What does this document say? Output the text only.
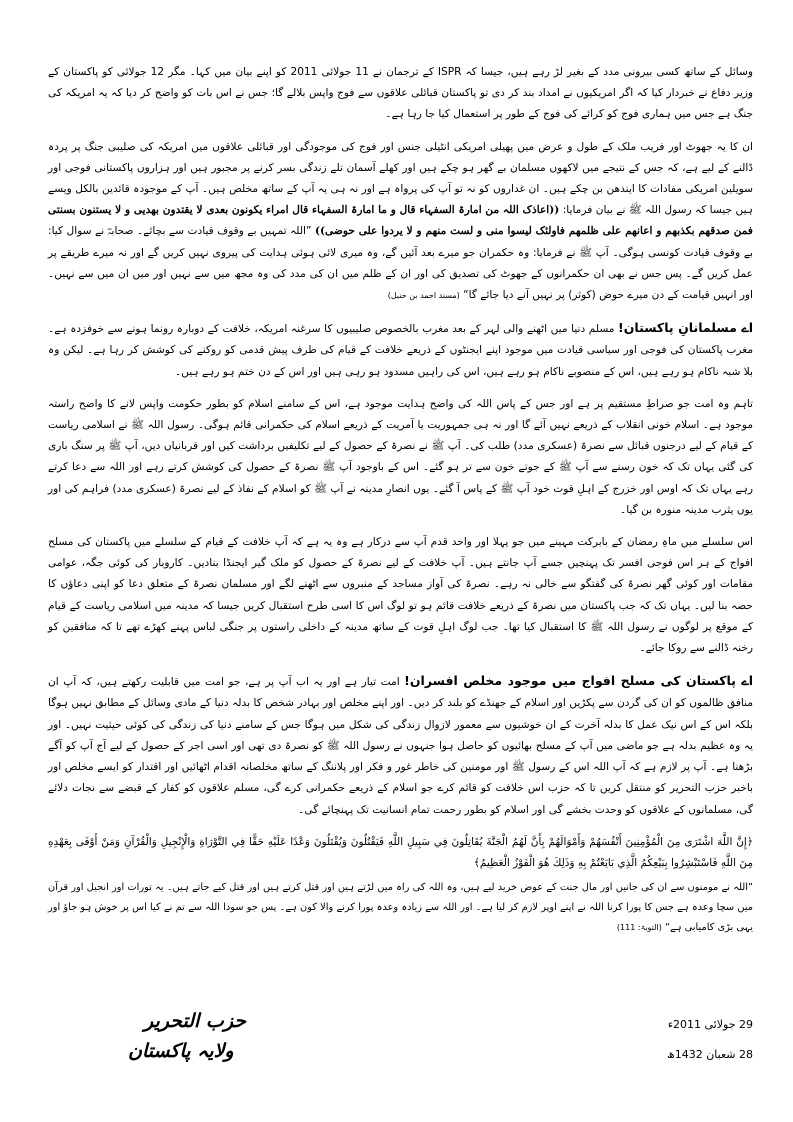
وسائل کے ساتھ کسی بیرونی مدد کے بغیر لڑ رہے ہیں، جیسا کہ ISPR کے ترجمان نے 11 جولائی 2011 کو اپنے بیان میں کہا۔ مگر 12 جولائی کو پاکستان کے وزیر دفاع نے خبردار کیا کہ اگر امریکیوں نے امداد بند کر دی تو پاکستان قبائلی علاقوں سے فوج واپس بلالے گا؛ جس نے اس بات کو واضح کر دیا کہ یہ امریکہ کی جنگ ہے جس میں ہماری فوج کو کرائے کی فوج کے طور پر استعمال کیا جا رہا ہے۔

ان کا یہ جھوٹ اور فریب ملک کے طول و عرض میں پھیلی امریکی انٹیلی جنس اور فوج کی موجودگی اور قبائلی علاقوں میں امریکہ کی صلیبی جنگ پر پردہ ڈالنے کے لیے ہے، کہ جس کے نتیجے میں لاکھوں مسلمان بے گھر ہو چکے ہیں اور کھلے آسمان تلے زندگی بسر کرنے پر مجبور ہیں اور ہزاروں پاکستانی فوجی اور سویلین امریکی مفادات کا ایندھن بن چکے ہیں۔ ان غداروں کو نہ تو آپ کی پرواہ ہے اور نہ ہی یہ آپ کے ساتھ مخلص ہیں۔ آپ کے موجودہ قائدین بالکل ویسے ہیں جیسا کہ رسول اللہ ﷺ نے بیان فرمایا: ((اعاذک اللہ من امارۃ السفہاء قال و ما امارۃ السفہاء قال امراء یکونون بعدی لا یقتدون بھدیی و لا یستنون بسنتی فمن صدقھم بکذبھم و اعانھم علی ظلمھم فاولئک لیسوا منی و لست منھم و لا یردوا علی حوضی)) ”اللہ تمہیں بے وقوف قیادت سے بچائے۔ صحابہؓ نے سوال کیا: بے وقوف قیادت کونسی ہوگی۔ آپ ﷺ نے فرمایا: وہ حکمران جو میرے بعد آئیں گے، وہ میری لائی ہوئی ہدایت کی پیروی نہیں کریں گے اور نہ میرے طریقے پر عمل کریں گے۔ پس جس نے بھی ان حکمرانوں کے جھوٹ کی تصدیق کی اور ان کے ظلم میں ان کی مدد کی وہ مجھ میں سے نہیں اور میں ان میں سے نہیں۔ اور انہیں قیامت کے دن میرے حوض (کوثر) پر نہیں آنے دیا جائے گا“ (مسند احمد بن حنبل)

اے مسلمانانِ پاکستان! مسلم دنیا میں اٹھنے والی لہر کے بعد مغرب بالخصوص صلیبیوں کا سرغنہ امریکہ، خلافت کے دوبارہ رونما ہونے سے خوفزدہ ہے۔ مغرب پاکستان کی فوجی اور سیاسی قیادت میں موجود اپنے ایجنٹوں کے ذریعے خلافت کے قیام کی طرف پیش قدمی کو روکنے کی کوشش کر رہا ہے۔ لیکن وہ بلا شبہ ناکام ہو رہے ہیں، اس کے منصوبے ناکام ہو رہے ہیں، اس کی راہیں مسدود ہو رہی ہیں اور اس کے دن ختم ہو رہے ہیں۔

تاہم وہ امت جو صراطِ مستقیم پر ہے اور جس کے پاس اللہ کی واضح ہدایت موجود ہے، اس کے سامنے اسلام کو بطور حکومت واپس لانے کا واضح راستہ موجود ہے۔ اسلام خونی انقلاب کے ذریعے نہیں آئے گا اور نہ ہی جمہوریت یا آمریت کے ذریعے اسلام کی حکمرانی قائم ہوگی۔ رسول اللہ ﷺ نے اسلامی ریاست کے قیام کے لیے درجنوں قبائل سے نصرۃ (عسکری مدد) طلب کی۔ آپ ﷺ نے نصرۃ کے حصول کے لیے تکلیفیں برداشت کیں اور قربانیاں دیں، آپ ﷺ پر سنگ باری کی گئی یہاں تک کہ خون رسنے سے آپ ﷺ کے جوتے خون سے تر ہو گئے۔ اس کے باوجود آپ ﷺ نصرۃ کے حصول کی کوشش کرتے رہے اور اللہ سے دعا کرتے رہے یہاں تک کہ اوس اور خزرج کے اہلِ قوت خود آپ ﷺ کے پاس آ گئے۔ یوں انصارِ مدینہ نے آپ ﷺ کو اسلام کے نفاذ کے لیے نصرۃ (عسکری مدد) فراہم کی اور یوں یثرب مدینہ منورہ بن گیا۔

اس سلسلے میں ماہِ رمضان کے بابرکت مہینے میں جو پہلا اور واحد قدم آپ سے درکار ہے وہ یہ ہے کہ آپ خلافت کے قیام کے سلسلے میں پاکستان کی مسلح افواج کے ہر اس فوجی افسر تک پہنچیں جسے آپ جانتے ہیں۔ آپ خلافت کے لیے نصرۃ کے حصول کو ملک گیر ایجنڈا بنادیں۔ کاروبار کی کوئی جگہ، عوامی مقامات اور کوئی گھر نصرۃ کی گفتگو سے خالی نہ رہے۔ نصرۃ کی آواز مساجد کے منبروں سے اٹھنے لگے اور مسلمان نصرۃ کے متعلق دعا کو اپنی دعاؤں کا حصہ بنا لیں۔ یہاں تک کہ جب پاکستان میں نصرۃ کے ذریعے خلافت قائم ہو تو لوگ اس کا اسی طرح استقبال کریں جیسا کہ مدینہ میں اسلامی ریاست کے قیام کے موقع پر لوگوں نے رسول اللہ ﷺ کا استقبال کیا تھا۔ جب لوگ اہلِ قوت کے ساتھ مدینہ کے داخلی راستوں پر جنگی لباس پہنے کھڑے تھے تا کہ منافقین کو رخنہ ڈالنے سے روکا جائے۔

اے پاکستان کی مسلح افواج میں موجود مخلص افسران! امت تیار ہے اور یہ اب آپ پر ہے، جو امت میں قابلیت رکھتے ہیں، کہ آپ ان منافق ظالموں کو ان کی گردن سے پکڑیں اور اسلام کے جھنڈے کو بلند کر دیں۔ اور اپنے مخلص اور بہادر شخص کا بدلہ دنیا کے مادی وسائل کے مطابق نہیں ہوگا بلکہ اس کے اس نیک عمل کا بدلہ آخرت کے ان خوشیوں سے معمور لازوال زندگی کی شکل میں ہوگا جس کے سامنے دنیا کی زندگی کی کوئی حیثیت نہیں۔ اور یہ وہ عظیم بدلہ ہے جو ماضی میں آپ کے مسلح بھائیوں کو حاصل ہوا جنہوں نے رسول اللہ ﷺ کو نصرۃ دی تھی اور اسی اجر کے حصول کے لیے آج آپ کو آگے بڑھنا ہے۔ آپ پر لازم ہے کہ آپ اللہ اس کے رسول ﷺ اور مومنین کی خاطر غور و فکر اور پلاننگ کے ساتھ مخلصانہ اقدام اٹھائیں اور اقتدار کو ایسے مخلص اور باخبر حزب التحریر کو منتقل کریں تا کہ حزب اس خلافت کو قائم کرے جو اسلام کے ذریعے حکمرانی کرے گی، مسلم علاقوں کو کفار کے قبضے سے نجات دلائے گی، مسلمانوں کے علاقوں کو وحدت بخشے گی اور اسلام کو بطور رحمت تمام انسانیت تک پہنچائے گی۔

﴿إِنَّ اللَّهَ اشْتَرَى مِنَ الْمُؤْمِنِينَ أَنْفُسَهُمْ وَأَمْوَالَهُمْ بِأَنَّ لَهُمُ الْجَنَّةَ يُقَاتِلُونَ فِي سَبِيلِ اللَّهِ فَيَقْتُلُونَ وَيُقْتَلُونَ وَعْدًا عَلَيْهِ حَقًّا فِي التَّوْرَاةِ وَالْإِنْجِيلِ وَالْقُرْآنِ وَمَنْ أَوْفَى بِعَهْدِهِ مِنَ اللَّهِ فَاسْتَبْشِرُوا بِبَيْعِكُمُ الَّذِي بَايَعْتُمْ بِهِ وَذَلِكَ هُوَ الْفَوْزُ الْعَظِيمُ﴾

”اللہ نے مومنوں سے ان کی جانیں اور مال جنت کے عوض خرید لیے ہیں، وہ اللہ کی راہ میں لڑتے ہیں اور قتل کرتے ہیں اور قتل کیے جاتے ہیں۔ یہ تورات اور انجیل اور قرآن میں سچا وعدہ ہے جس کا پورا کرنا اللہ نے اپنے اوپر لازم کر لیا ہے۔ اور اللہ سے زیادہ وعدہ پورا کرنے والا کون ہے۔ پس جو سودا اللہ سے تم نے کیا اس پر خوش ہو جاؤ اور یہی بڑی کامیابی ہے“ (التوبۃ: 111)

29 جولائی 2011ء
28 شعبان 1432ھ
حزب التحریر
ولایہ پاکستان
